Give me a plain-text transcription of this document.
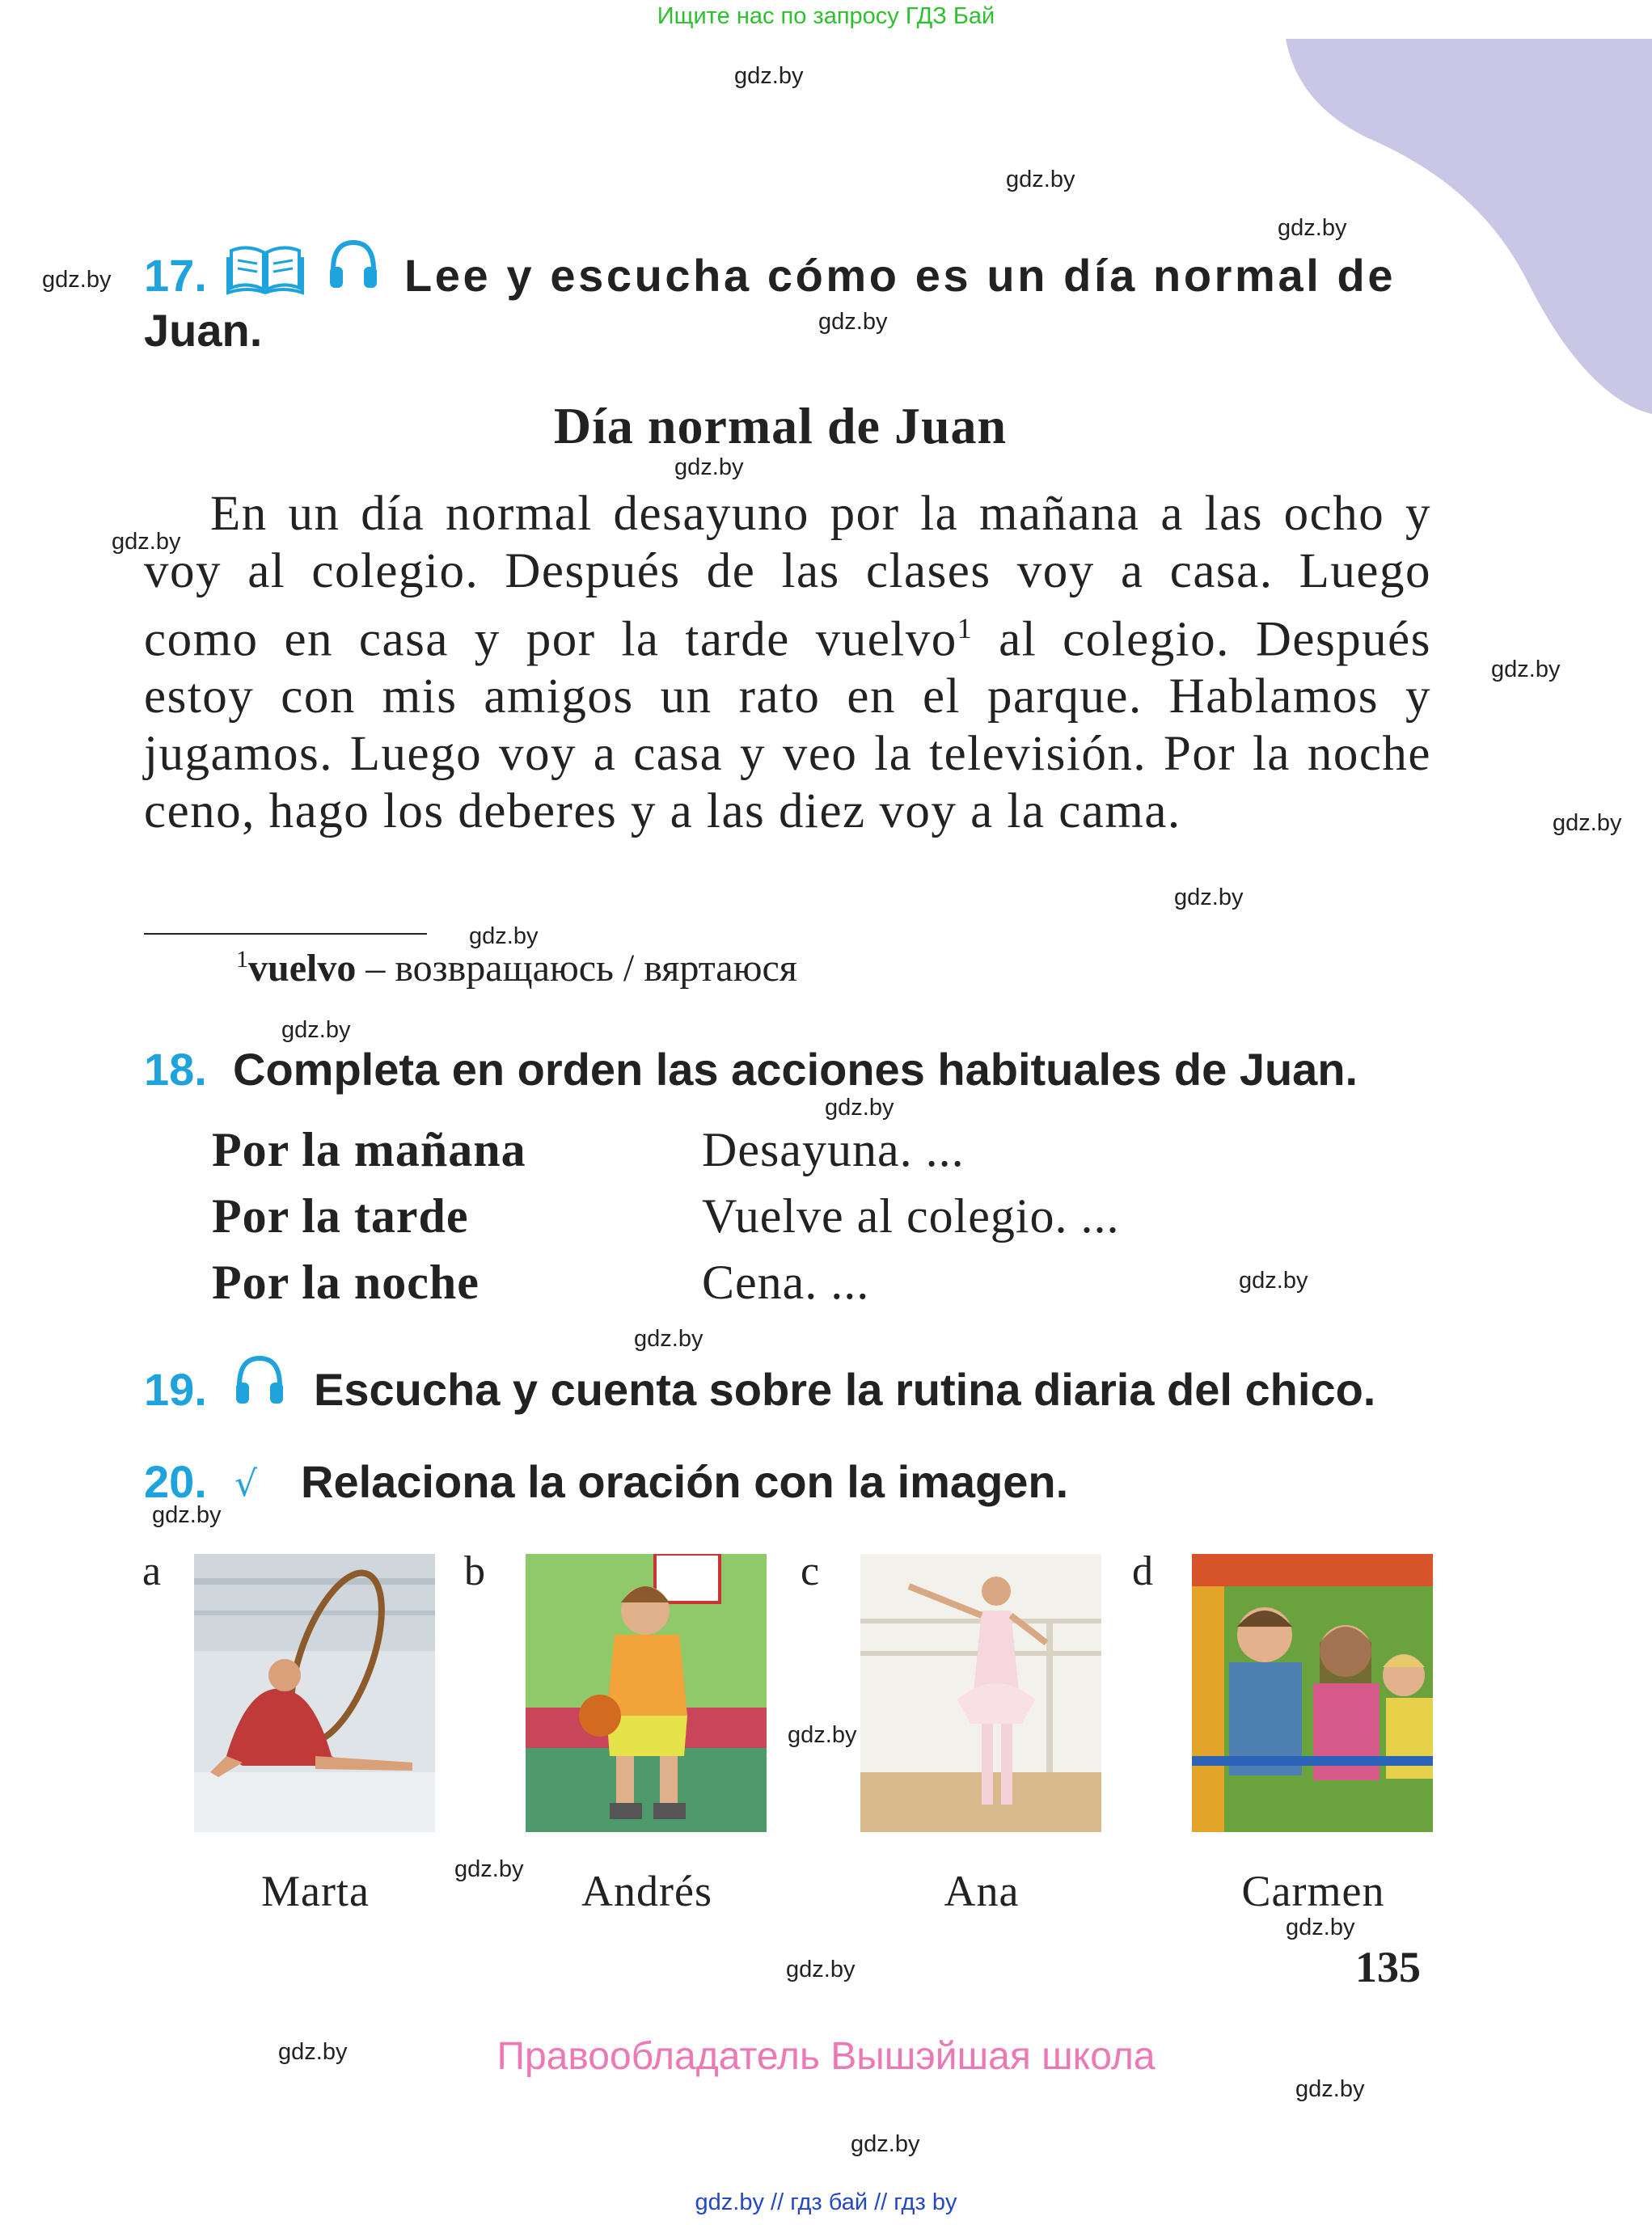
Ищите нас по запросу ГДЗ Бай
gdz.by
gdz.by
gdz.by
gdz.by
gdz.by
gdz.by
gdz.by
gdz.by
gdz.by
gdz.by
gdz.by
gdz.by
gdz.by
gdz.by
gdz.by
gdz.by
gdz.by
gdz.by
gdz.by
gdz.by
gdz.by
gdz.by
gdz.by
17.	Lee y escucha cómo es un día normal de
Juan.
Día normal de Juan

En un día normal desayuno por la mañana a las ocho y voy al colegio. Después de las clases voy a casa. Luego como en casa y por la tarde vuelvo$^1$ al colegio. Después estoy con mis amigos un rato en el parque. Hablamos y jugamos. Luego voy a casa y veo la televisión. Por la noche ceno, hago los deberes y a las diez voy a la cama.

$^1$vuelvo – возвращаюсь / вяртаюся
18. Completa en orden las acciones habituales de Juan.
Por la mañana	Desayuna. ...
Por la tarde	Vuelve al colegio. ...
Por la noche	Cena. ...
19. Escucha y cuenta sobre la rutina diaria del chico.
20. √ Relaciona la oración con la imagen.
a
Marta
b
Andrés
c
Ana
d
Carmen
135
Правообладатель Вышэйшая школа
gdz.by // гдз бай // гдз by
